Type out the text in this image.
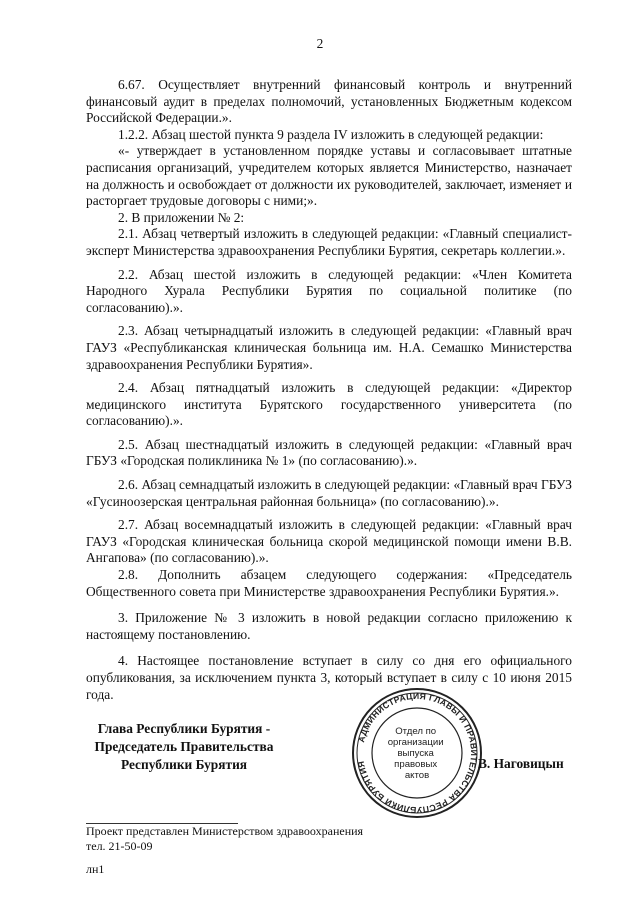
2

6.67. Осуществляет внутренний финансовый контроль и внутренний финансовый аудит в пределах полномочий, установленных Бюджетным кодексом Российской Федерации.».

1.2.2. Абзац шестой пункта 9 раздела IV изложить в следующей редакции:

«- утверждает в установленном порядке уставы и согласовывает штатные расписания организаций, учредителем которых является Министерство, назначает на должность и освобождает от должности их руководителей, заключает, изменяет и расторгает трудовые договоры с ними;».

2. В приложении № 2:

2.1. Абзац четвертый изложить в следующей редакции: «Главный специалист-эксперт Министерства здравоохранения Республики Бурятия, секретарь коллегии.».

2.2. Абзац шестой изложить в следующей редакции: «Член Комитета Народного Хурала Республики Бурятия по социальной политике (по согласованию).».

2.3. Абзац четырнадцатый изложить в следующей редакции: «Главный врач ГАУЗ «Республиканская клиническая больница им. Н.А. Семашко Министерства здравоохранения Республики Бурятия».

2.4. Абзац пятнадцатый изложить в следующей редакции: «Директор медицинского института Бурятского государственного университета (по согласованию).».

2.5. Абзац шестнадцатый изложить в следующей редакции: «Главный врач ГБУЗ «Городская поликлиника № 1» (по согласованию).».

2.6. Абзац семнадцатый изложить в следующей редакции: «Главный врач ГБУЗ «Гусиноозерская центральная районная больница» (по согласованию).».

2.7. Абзац восемнадцатый изложить в следующей редакции: «Главный врач ГАУЗ «Городская клиническая больница скорой медицинской помощи имени В.В. Ангапова» (по согласованию).».

2.8. Дополнить абзацем следующего содержания: «Председатель Общественного совета при Министерстве здравоохранения Республики Бурятия.».

3. Приложение № 3 изложить в новой редакции согласно приложению к настоящему постановлению.

4. Настоящее постановление вступает в силу со дня его официального опубликования, за исключением пункта 3, который вступает в силу с 10 июня 2015 года.

Глава Республики Бурятия -
Председатель Правительства
Республики Бурятия
АДМИНИСТРАЦИЯ ГЛАВЫ И ПРАВИТЕЛЬСТВА РЕСПУБЛИКИ БУРЯТИЯ
Отдел по организации выпуска правовых актов
В. Наговицын
Проект представлен Министерством здравоохранения
тел. 21-50-09
лн1
